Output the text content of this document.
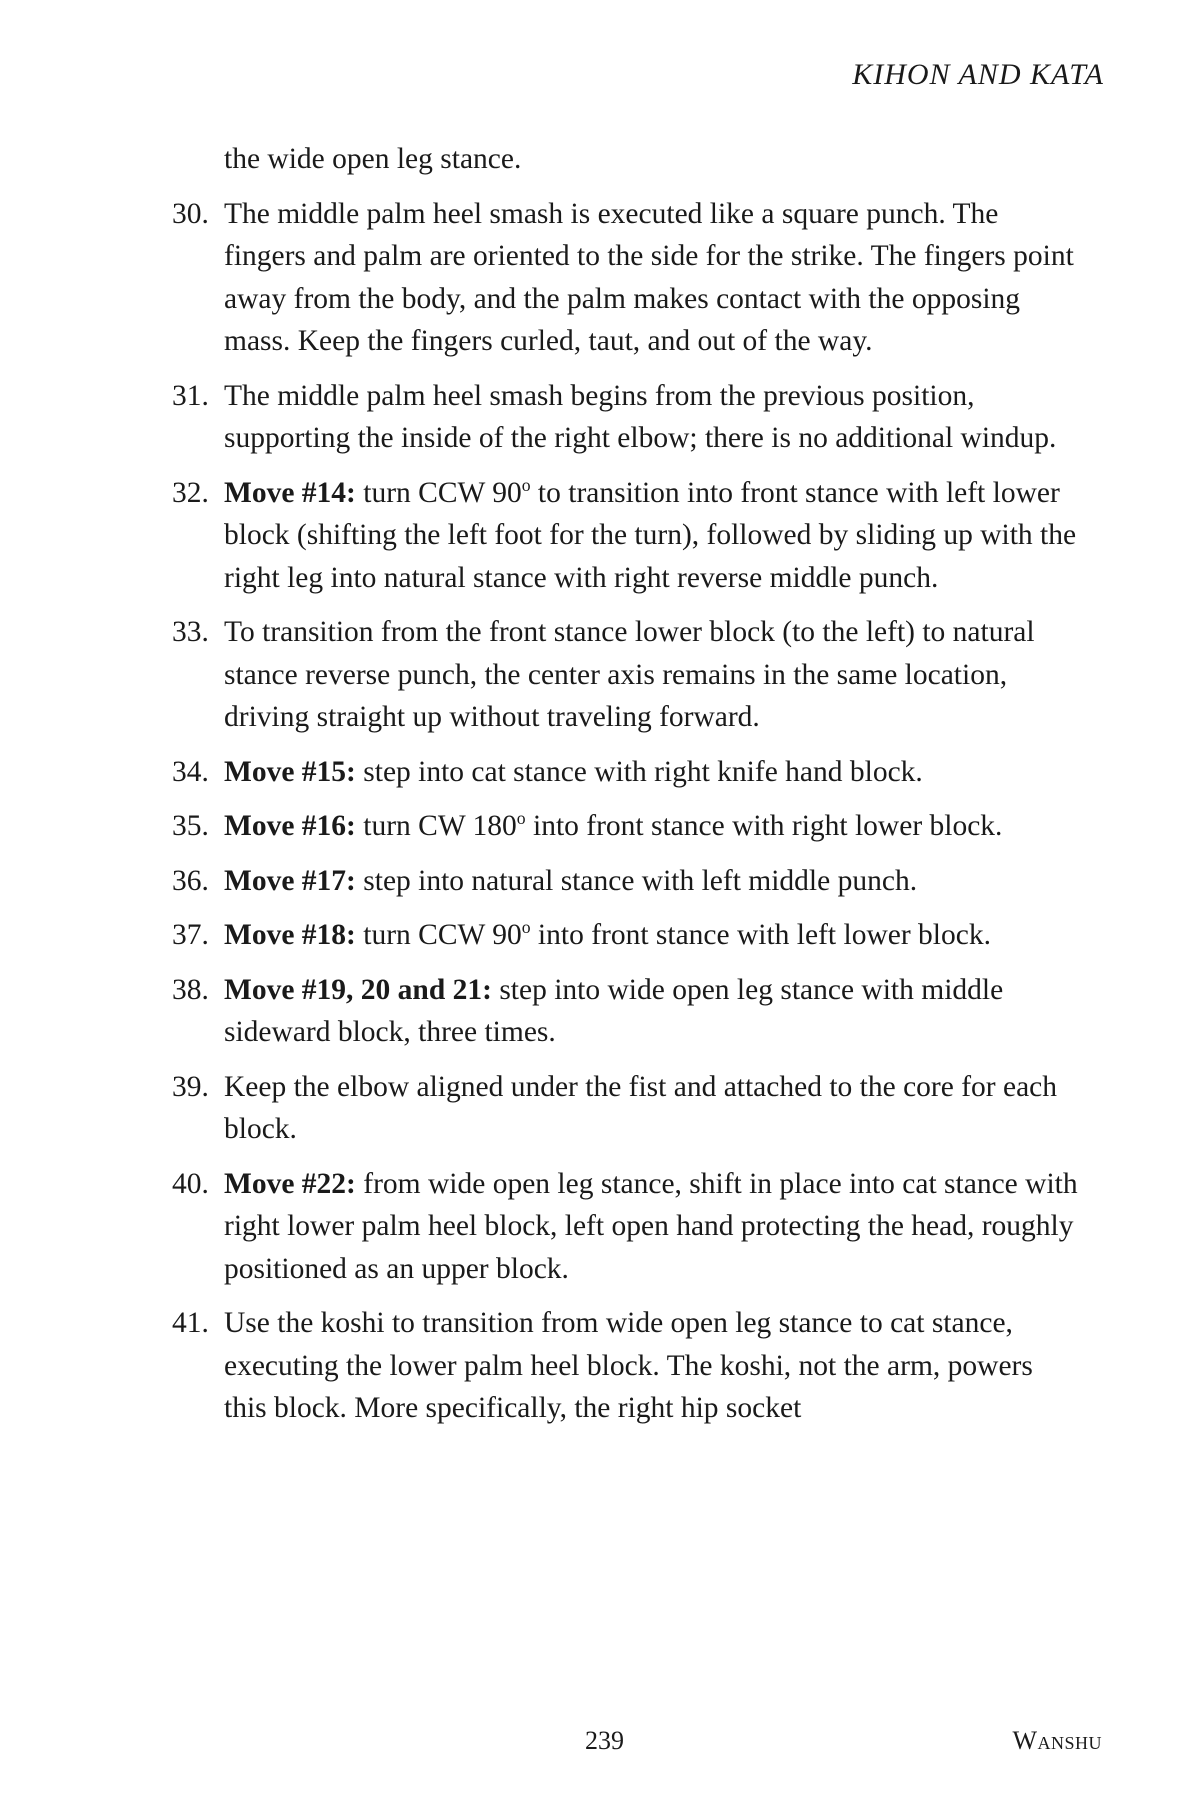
KIHON AND KATA

the wide open leg stance.

30. The middle palm heel smash is executed like a square punch. The fingers and palm are oriented to the side for the strike. The fingers point away from the body, and the palm makes contact with the opposing mass. Keep the fingers curled, taut, and out of the way.
31. The middle palm heel smash begins from the previous position, supporting the inside of the right elbow; there is no additional windup.
32. Move #14: turn CCW 90$^o$ to transition into front stance with left lower block (shifting the left foot for the turn), followed by sliding up with the right leg into natural stance with right reverse middle punch.
33. To transition from the front stance lower block (to the left) to natural stance reverse punch, the center axis remains in the same location, driving straight up without traveling forward.
34. Move #15: step into cat stance with right knife hand block.
35. Move #16: turn CW 180$^o$ into front stance with right lower block.
36. Move #17: step into natural stance with left middle punch.
37. Move #18: turn CCW 90$^o$ into front stance with left lower block.
38. Move #19, 20 and 21: step into wide open leg stance with middle sideward block, three times.
39. Keep the elbow aligned under the fist and attached to the core for each block.
40. Move #22: from wide open leg stance, shift in place into cat stance with right lower palm heel block, left open hand protecting the head, roughly positioned as an upper block.
41. Use the koshi to transition from wide open leg stance to cat stance, executing the lower palm heel block. The koshi, not the arm, powers this block. More specifically, the right hip socket
239	Wanshu
